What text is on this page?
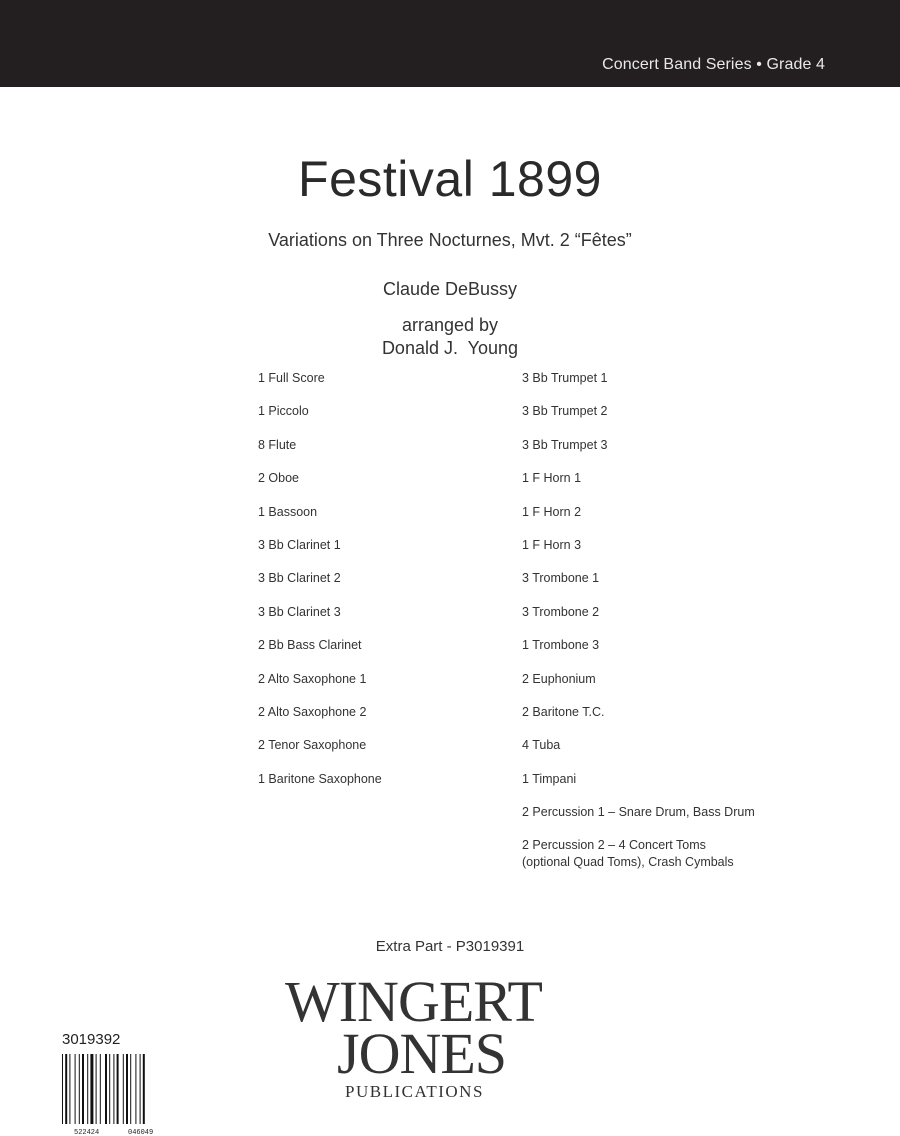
Concert Band Series • Grade 4
Festival 1899
Variations on Three Nocturnes, Mvt. 2 “Fêtes”
Claude DeBussy
arranged by
Donald J.  Young
1 Full Score
1 Piccolo
8 Flute
2 Oboe
1 Bassoon
3 Bb Clarinet 1
3 Bb Clarinet 2
3 Bb Clarinet 3
2 Bb Bass Clarinet
2 Alto Saxophone 1
2 Alto Saxophone 2
2 Tenor Saxophone
1 Baritone Saxophone
3 Bb Trumpet 1
3 Bb Trumpet 2
3 Bb Trumpet 3
1 F Horn 1
1 F Horn 2
1 F Horn 3
3 Trombone 1
3 Trombone 2
1 Trombone 3
2 Euphonium
2 Baritone T.C.
4 Tuba
1 Timpani
2 Percussion 1 – Snare Drum, Bass Drum
2 Percussion 2 – 4 Concert Toms
(optional Quad Toms), Crash Cymbals
Extra Part - P3019391
WINGERT
JONES
PUBLICATIONS
3019392
522424	046049
